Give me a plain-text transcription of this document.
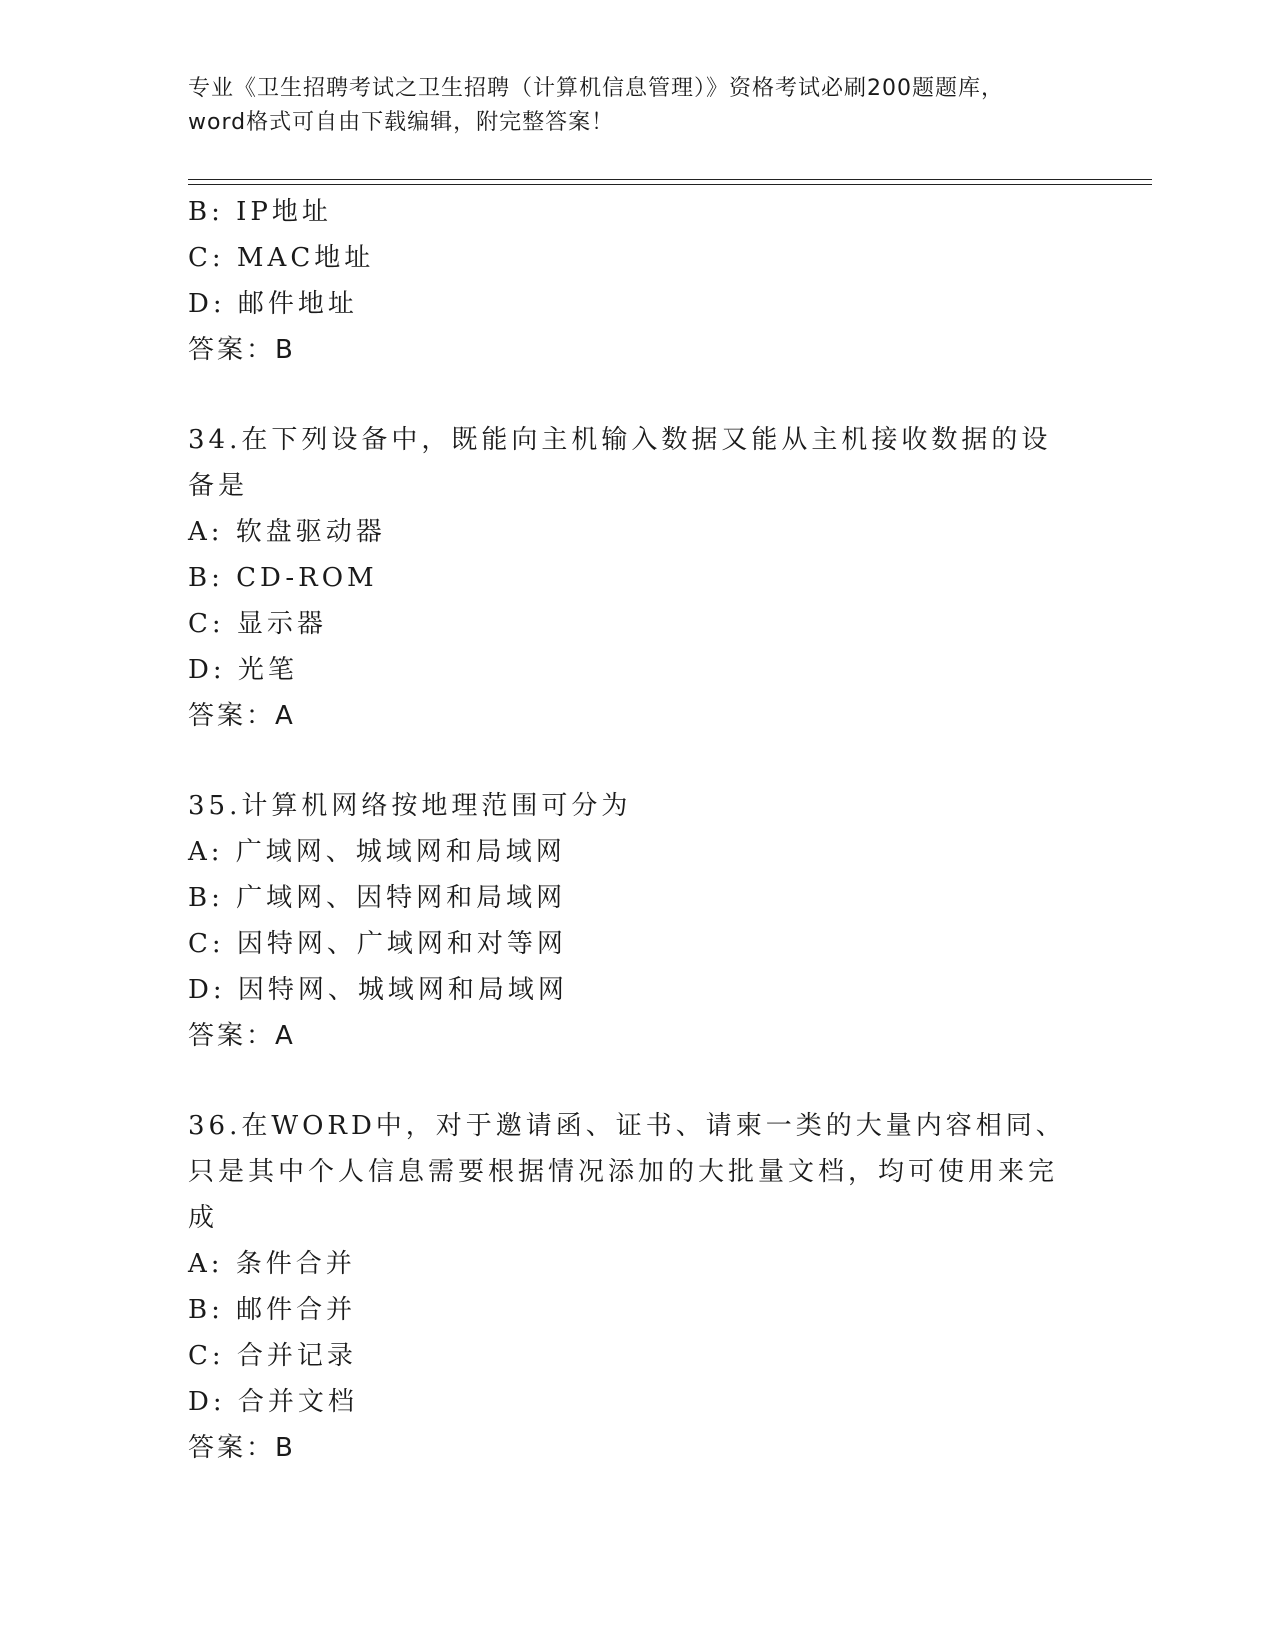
专业《卫生招聘考试之卫生招聘（计算机信息管理）》资格考试必刷200题题库，
word格式可自由下载编辑，附完整答案！
B: IP地址
C: MAC地址
D: 邮件地址
答案：B
34.在下列设备中，既能向主机输入数据又能从主机接收数据的设备是
A: 软盘驱动器
B: CD-ROM
C: 显示器
D: 光笔
答案：A
35.计算机网络按地理范围可分为
A: 广域网、城域网和局域网
B: 广域网、因特网和局域网
C: 因特网、广域网和对等网
D: 因特网、城域网和局域网
答案：A
36.在WORD中，对于邀请函、证书、请柬一类的大量内容相同、只是其中个人信息需要根据情况添加的大批量文档，均可使用来完成
A: 条件合并
B: 邮件合并
C: 合并记录
D: 合并文档
答案：B
